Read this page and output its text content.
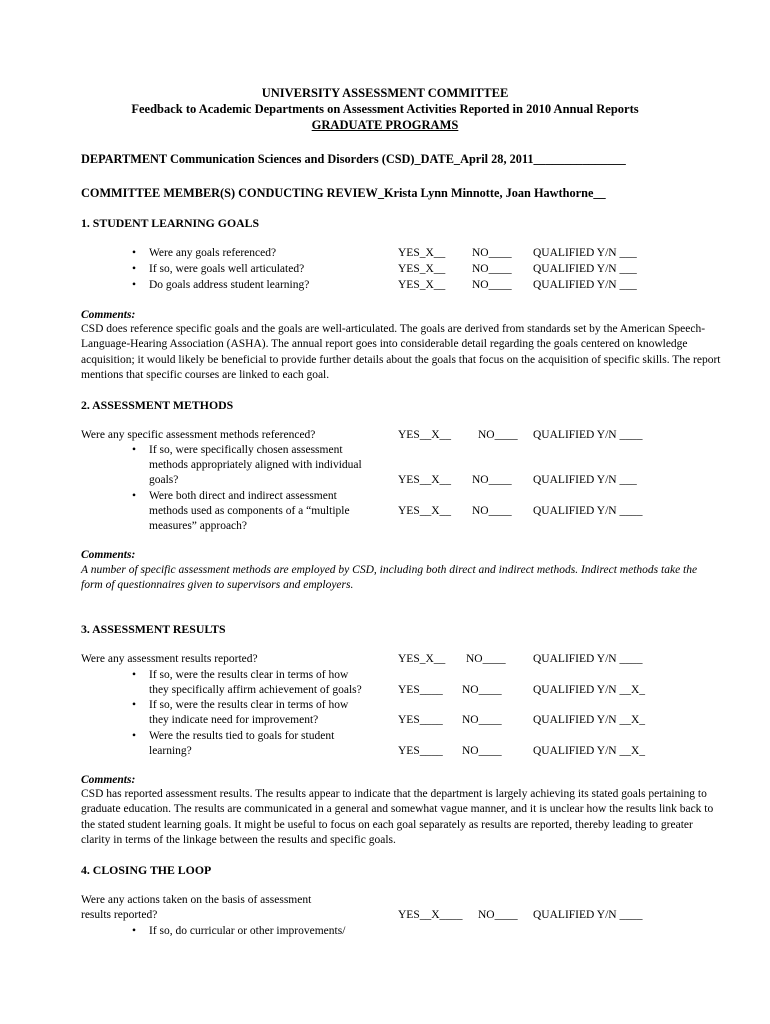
UNIVERSITY ASSESSMENT COMMITTEE
Feedback to Academic Departments on Assessment Activities Reported in 2010 Annual Reports
GRADUATE PROGRAMS
DEPARTMENT Communication Sciences and Disorders (CSD)_DATE_April 28, 2011_______________
COMMITTEE MEMBER(S) CONDUCTING REVIEW_Krista Lynn Minnotte, Joan Hawthorne__
1. STUDENT LEARNING GOALS
• Were any goals referenced?	YES_X__ NO____ QUALIFIED Y/N ___
• If so, were goals well articulated?	YES_X__ NO____ QUALIFIED Y/N ___
• Do goals address student learning?	YES_X__ NO____ QUALIFIED Y/N ___
Comments:
CSD does reference specific goals and the goals are well-articulated. The goals are derived from standards set by the American Speech-Language-Hearing Association (ASHA). The annual report goes into considerable detail regarding the goals centered on knowledge acquisition; it would likely be beneficial to provide further details about the goals that focus on the acquisition of specific skills. The report mentions that specific courses are linked to each goal.
2. ASSESSMENT METHODS
Were any specific assessment methods referenced?	YES__X__ NO____ QUALIFIED Y/N ____
• If so, were specifically chosen assessment
methods appropriately aligned with individual
goals?	YES__X__ NO____ QUALIFIED Y/N ___
• Were both direct and indirect assessment
methods used as components of a “multiple	YES__X__ NO____ QUALIFIED Y/N ____
measures” approach?
Comments:
A number of specific assessment methods are employed by CSD, including both direct and indirect methods. Indirect methods take the form of questionnaires given to supervisors and employers.
3. ASSESSMENT RESULTS
Were any assessment results reported?	YES_X__ NO____ QUALIFIED Y/N ____
• If so, were the results clear in terms of how
they specifically affirm achievement of goals?	YES____ NO____	QUALIFIED Y/N __X_
• If so, were the results clear in terms of how
they indicate need for improvement?	YES____ NO____	QUALIFIED Y/N __X_
• Were the results tied to goals for student
learning?	YES____ NO____	QUALIFIED Y/N __X_
Comments:
CSD has reported assessment results. The results appear to indicate that the department is largely achieving its stated goals pertaining to graduate education. The results are communicated in a general and somewhat vague manner, and it is unclear how the results link back to the stated student learning goals. It might be useful to focus on each goal separately as results are reported, thereby leading to greater clarity in terms of the linkage between the results and specific goals.
4. CLOSING THE LOOP
Were any actions taken on the basis of assessment
results reported?	YES__X____ NO____ QUALIFIED Y/N ____
• If so, do curricular or other improvements/
